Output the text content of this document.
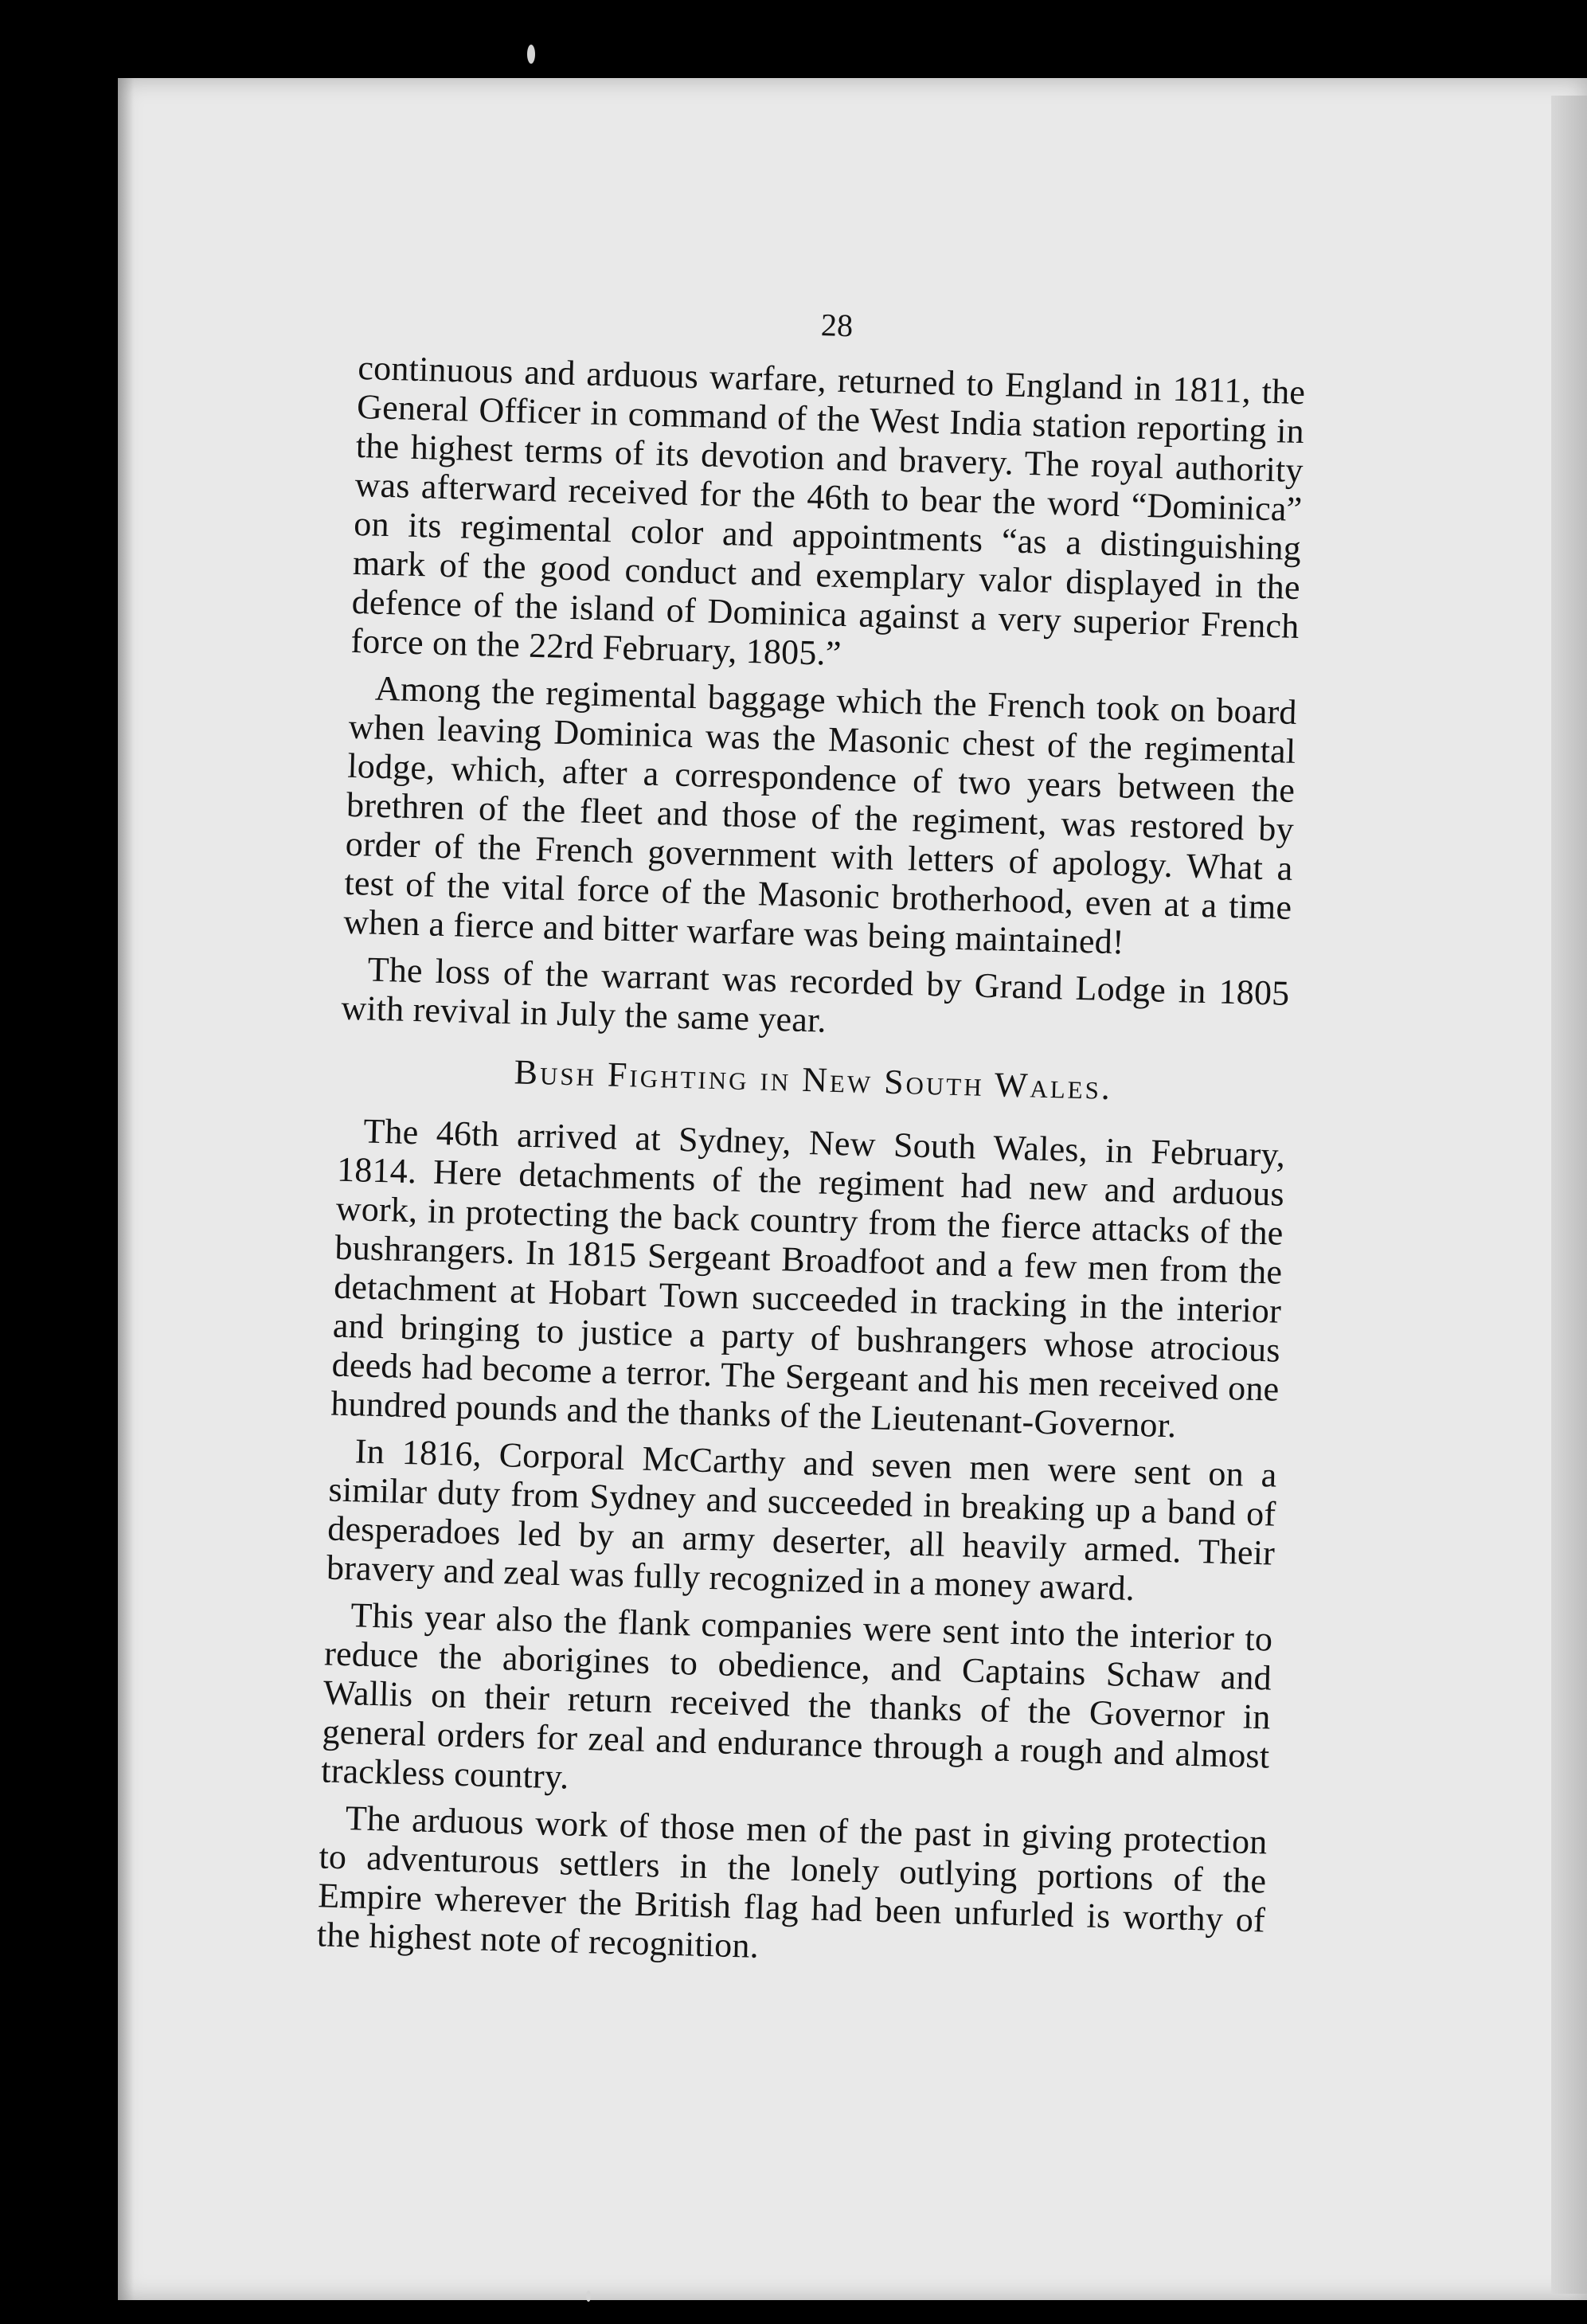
28

continuous and arduous warfare, returned to England in 1811, the General Officer in command of the West India station reporting in the highest terms of its devotion and bravery. The royal authority was afterward received for the 46th to bear the word “Dominica” on its regimental color and appointments “as a distinguishing mark of the good conduct and exemplary valor displayed in the defence of the island of Dominica against a very superior French force on the 22rd February, 1805.”

Among the regimental baggage which the French took on board when leaving Dominica was the Masonic chest of the regimental lodge, which, after a correspondence of two years between the brethren of the fleet and those of the regiment, was restored by order of the French government with letters of apology. What a test of the vital force of the Masonic brotherhood, even at a time when a fierce and bitter warfare was being maintained!

The loss of the warrant was recorded by Grand Lodge in 1805 with revival in July the same year.

Bush Fighting in New South Wales.

The 46th arrived at Sydney, New South Wales, in February, 1814. Here detachments of the regiment had new and arduous work, in protecting the back country from the fierce attacks of the bushrangers. In 1815 Sergeant Broadfoot and a few men from the detachment at Hobart Town succeeded in tracking in the interior and bringing to justice a party of bushrangers whose atrocious deeds had become a terror. The Sergeant and his men received one hundred pounds and the thanks of the Lieutenant-Governor.

In 1816, Corporal McCarthy and seven men were sent on a similar duty from Sydney and succeeded in breaking up a band of desperadoes led by an army deserter, all heavily armed. Their bravery and zeal was fully recognized in a money award.

This year also the flank companies were sent into the interior to reduce the aborigines to obedience, and Captains Schaw and Wallis on their return received the thanks of the Governor in general orders for zeal and endurance through a rough and almost trackless country.

The arduous work of those men of the past in giving protection to adventurous settlers in the lonely outlying portions of the Empire wherever the British flag had been unfurled is worthy of the highest note of recognition.
